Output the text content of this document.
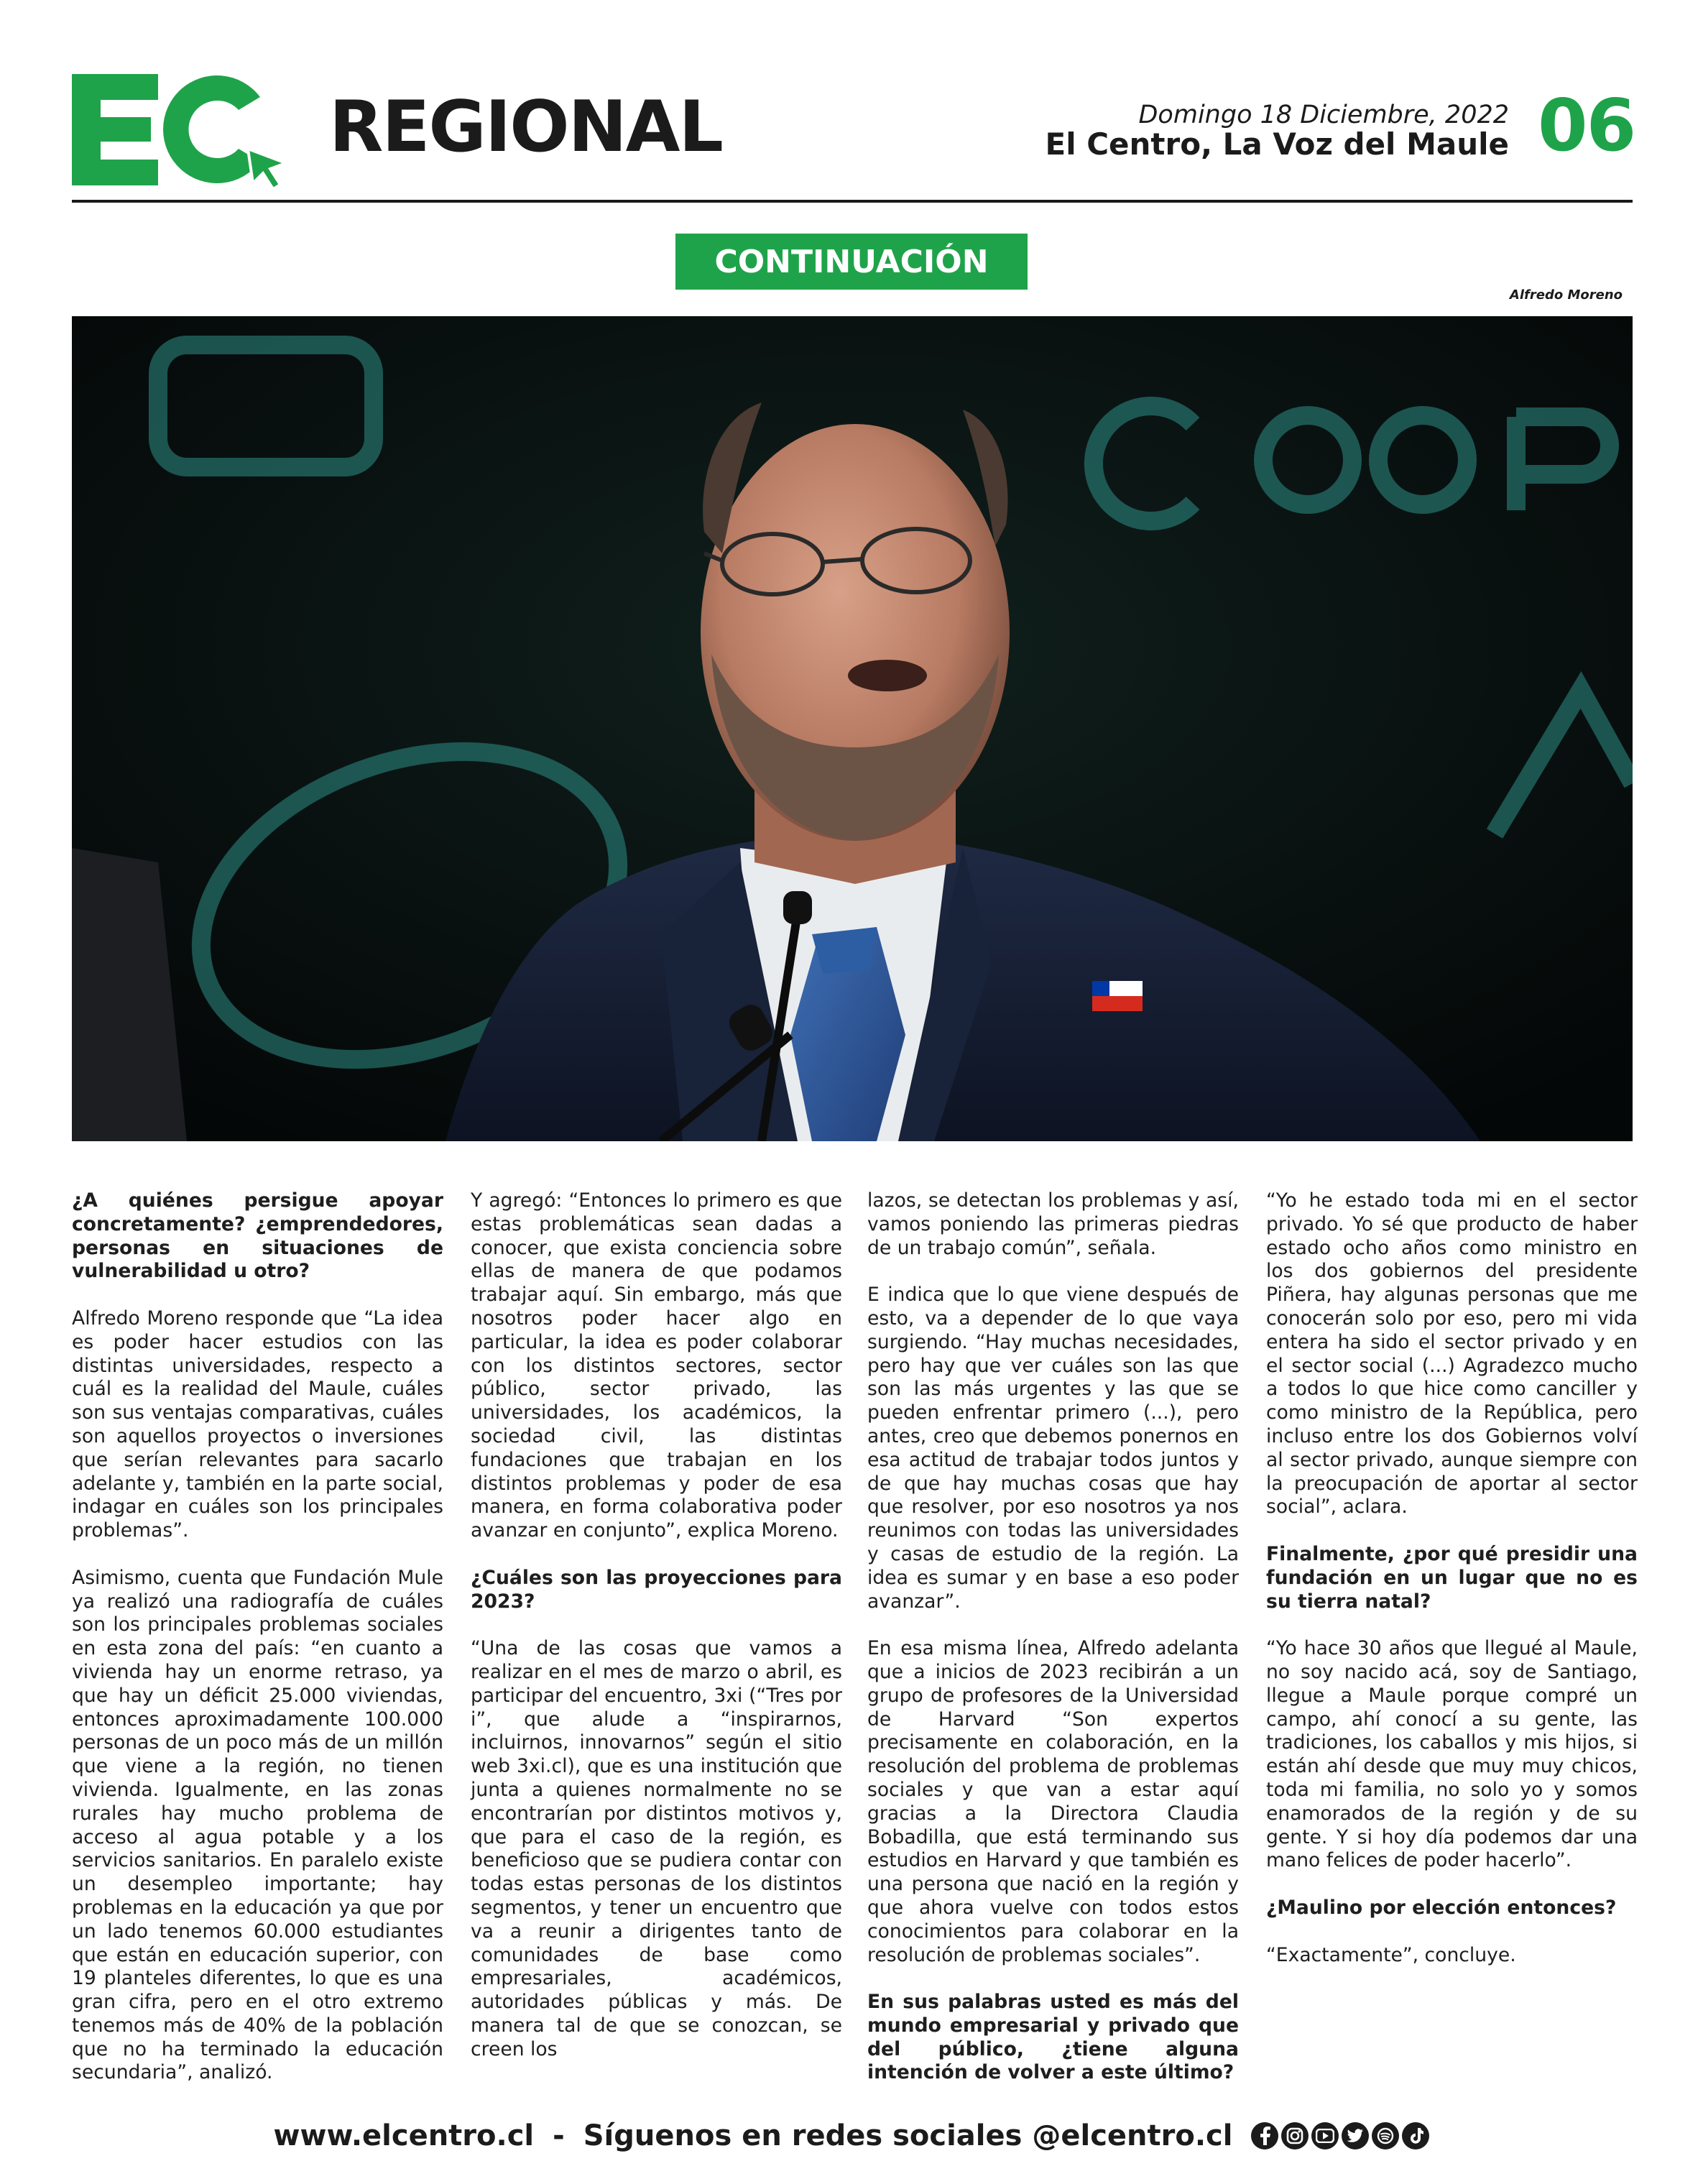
REGIONAL	Domingo 18 Diciembre, 2022
El Centro, La Voz del Maule 06
CONTINUACIÓN
Alfredo Moreno

¿A quiénes persigue apoyar concretamente? ¿emprendedores, personas en situaciones de vulnerabilidad u otro?

Alfredo Moreno responde que “La idea es poder hacer estudios con las distintas universidades, respecto a cuál es la realidad del Maule, cuáles son sus ventajas comparativas, cuáles son aquellos proyectos o inversiones que serían relevantes para sacarlo adelante y, también en la parte social, indagar en cuáles son los principales problemas”.

Asimismo, cuenta que Fundación Mule ya realizó una radiografía de cuáles son los principales problemas sociales en esta zona del país: “en cuanto a vivienda hay un enorme retraso, ya que hay un déficit 25.000 viviendas, entonces aproximadamente 100.000 personas de un poco más de un millón que viene a la región, no tienen vivienda. Igualmente, en las zonas rurales hay mucho problema de acceso al agua potable y a los servicios sanitarios. En paralelo existe un desempleo importante; hay problemas en la educación ya que por un lado tenemos 60.000 estudiantes que están en educación superior, con 19 planteles diferentes, lo que es una gran cifra, pero en el otro extremo tenemos más de 40% de la población que no ha terminado la educación secundaria”, analizó.

Y agregó: “Entonces lo primero es que estas problemáticas sean dadas a conocer, que exista conciencia sobre ellas de manera de que podamos trabajar aquí. Sin embargo, más que nosotros poder hacer algo en particular, la idea es poder colaborar con los distintos sectores, sector público, sector privado, las universidades, los académicos, la sociedad civil, las distintas fundaciones que trabajan en los distintos problemas y poder de esa manera, en forma colaborativa poder avanzar en conjunto”, explica Moreno.

¿Cuáles son las proyecciones para 2023?

“Una de las cosas que vamos a realizar en el mes de marzo o abril, es participar del encuentro, 3xi (“Tres por i”, que alude a “inspirarnos, incluirnos, innovarnos” según el sitio web 3xi.cl), que es una institución que junta a quienes normalmente no se encontrarían por distintos motivos y, que para el caso de la región, es beneficioso que se pudiera contar con todas estas personas de los distintos segmentos, y tener un encuentro que va a reunir a dirigentes tanto de comunidades de base como empresariales, académicos, autoridades públicas y más. De manera tal de que se conozcan, se creen los

lazos, se detectan los problemas y así, vamos poniendo las primeras piedras de un trabajo común”, señala.

E indica que lo que viene después de esto, va a depender de lo que vaya surgiendo. “Hay muchas necesidades, pero hay que ver cuáles son las que son las más urgentes y las que se pueden enfrentar primero (...), pero antes, creo que debemos ponernos en esa actitud de trabajar todos juntos y de que hay muchas cosas que hay que resolver, por eso nosotros ya nos reunimos con todas las universidades y casas de estudio de la región. La idea es sumar y en base a eso poder avanzar”.

En esa misma línea, Alfredo adelanta que a inicios de 2023 recibirán a un grupo de profesores de la Universidad de Harvard “Son expertos precisamente en colaboración, en la resolución del problema de problemas sociales y que van a estar aquí gracias a la Directora Claudia Bobadilla, que está terminando sus estudios en Harvard y que también es una persona que nació en la región y que ahora vuelve con todos estos conocimientos para colaborar en la resolución de problemas sociales”.

En sus palabras usted es más del mundo empresarial y privado que del público, ¿tiene alguna intención de volver a este último?

“Yo he estado toda mi en el sector privado. Yo sé que producto de haber estado ocho años como ministro en los dos gobiernos del presidente Piñera, hay algunas personas que me conocerán solo por eso, pero mi vida entera ha sido el sector privado y en el sector social (...) Agradezco mucho a todos lo que hice como canciller y como ministro de la República, pero incluso entre los dos Gobiernos volví al sector privado, aunque siempre con la preocupación de aportar al sector social”, aclara.

Finalmente, ¿por qué presidir una fundación en un lugar que no es su tierra natal?

“Yo hace 30 años que llegué al Maule, no soy nacido acá, soy de Santiago, llegue a Maule porque compré un campo, ahí conocí a su gente, las tradiciones, los caballos y mis hijos, si están ahí desde que muy muy chicos, toda mi familia, no solo yo y somos enamorados de la región y de su gente. Y si hoy día podemos dar una mano felices de poder hacerlo”.

¿Maulino por elección entonces?

“Exactamente”, concluye.

www.elcentro.cl - Síguenos en redes sociales @elcentro.cl
